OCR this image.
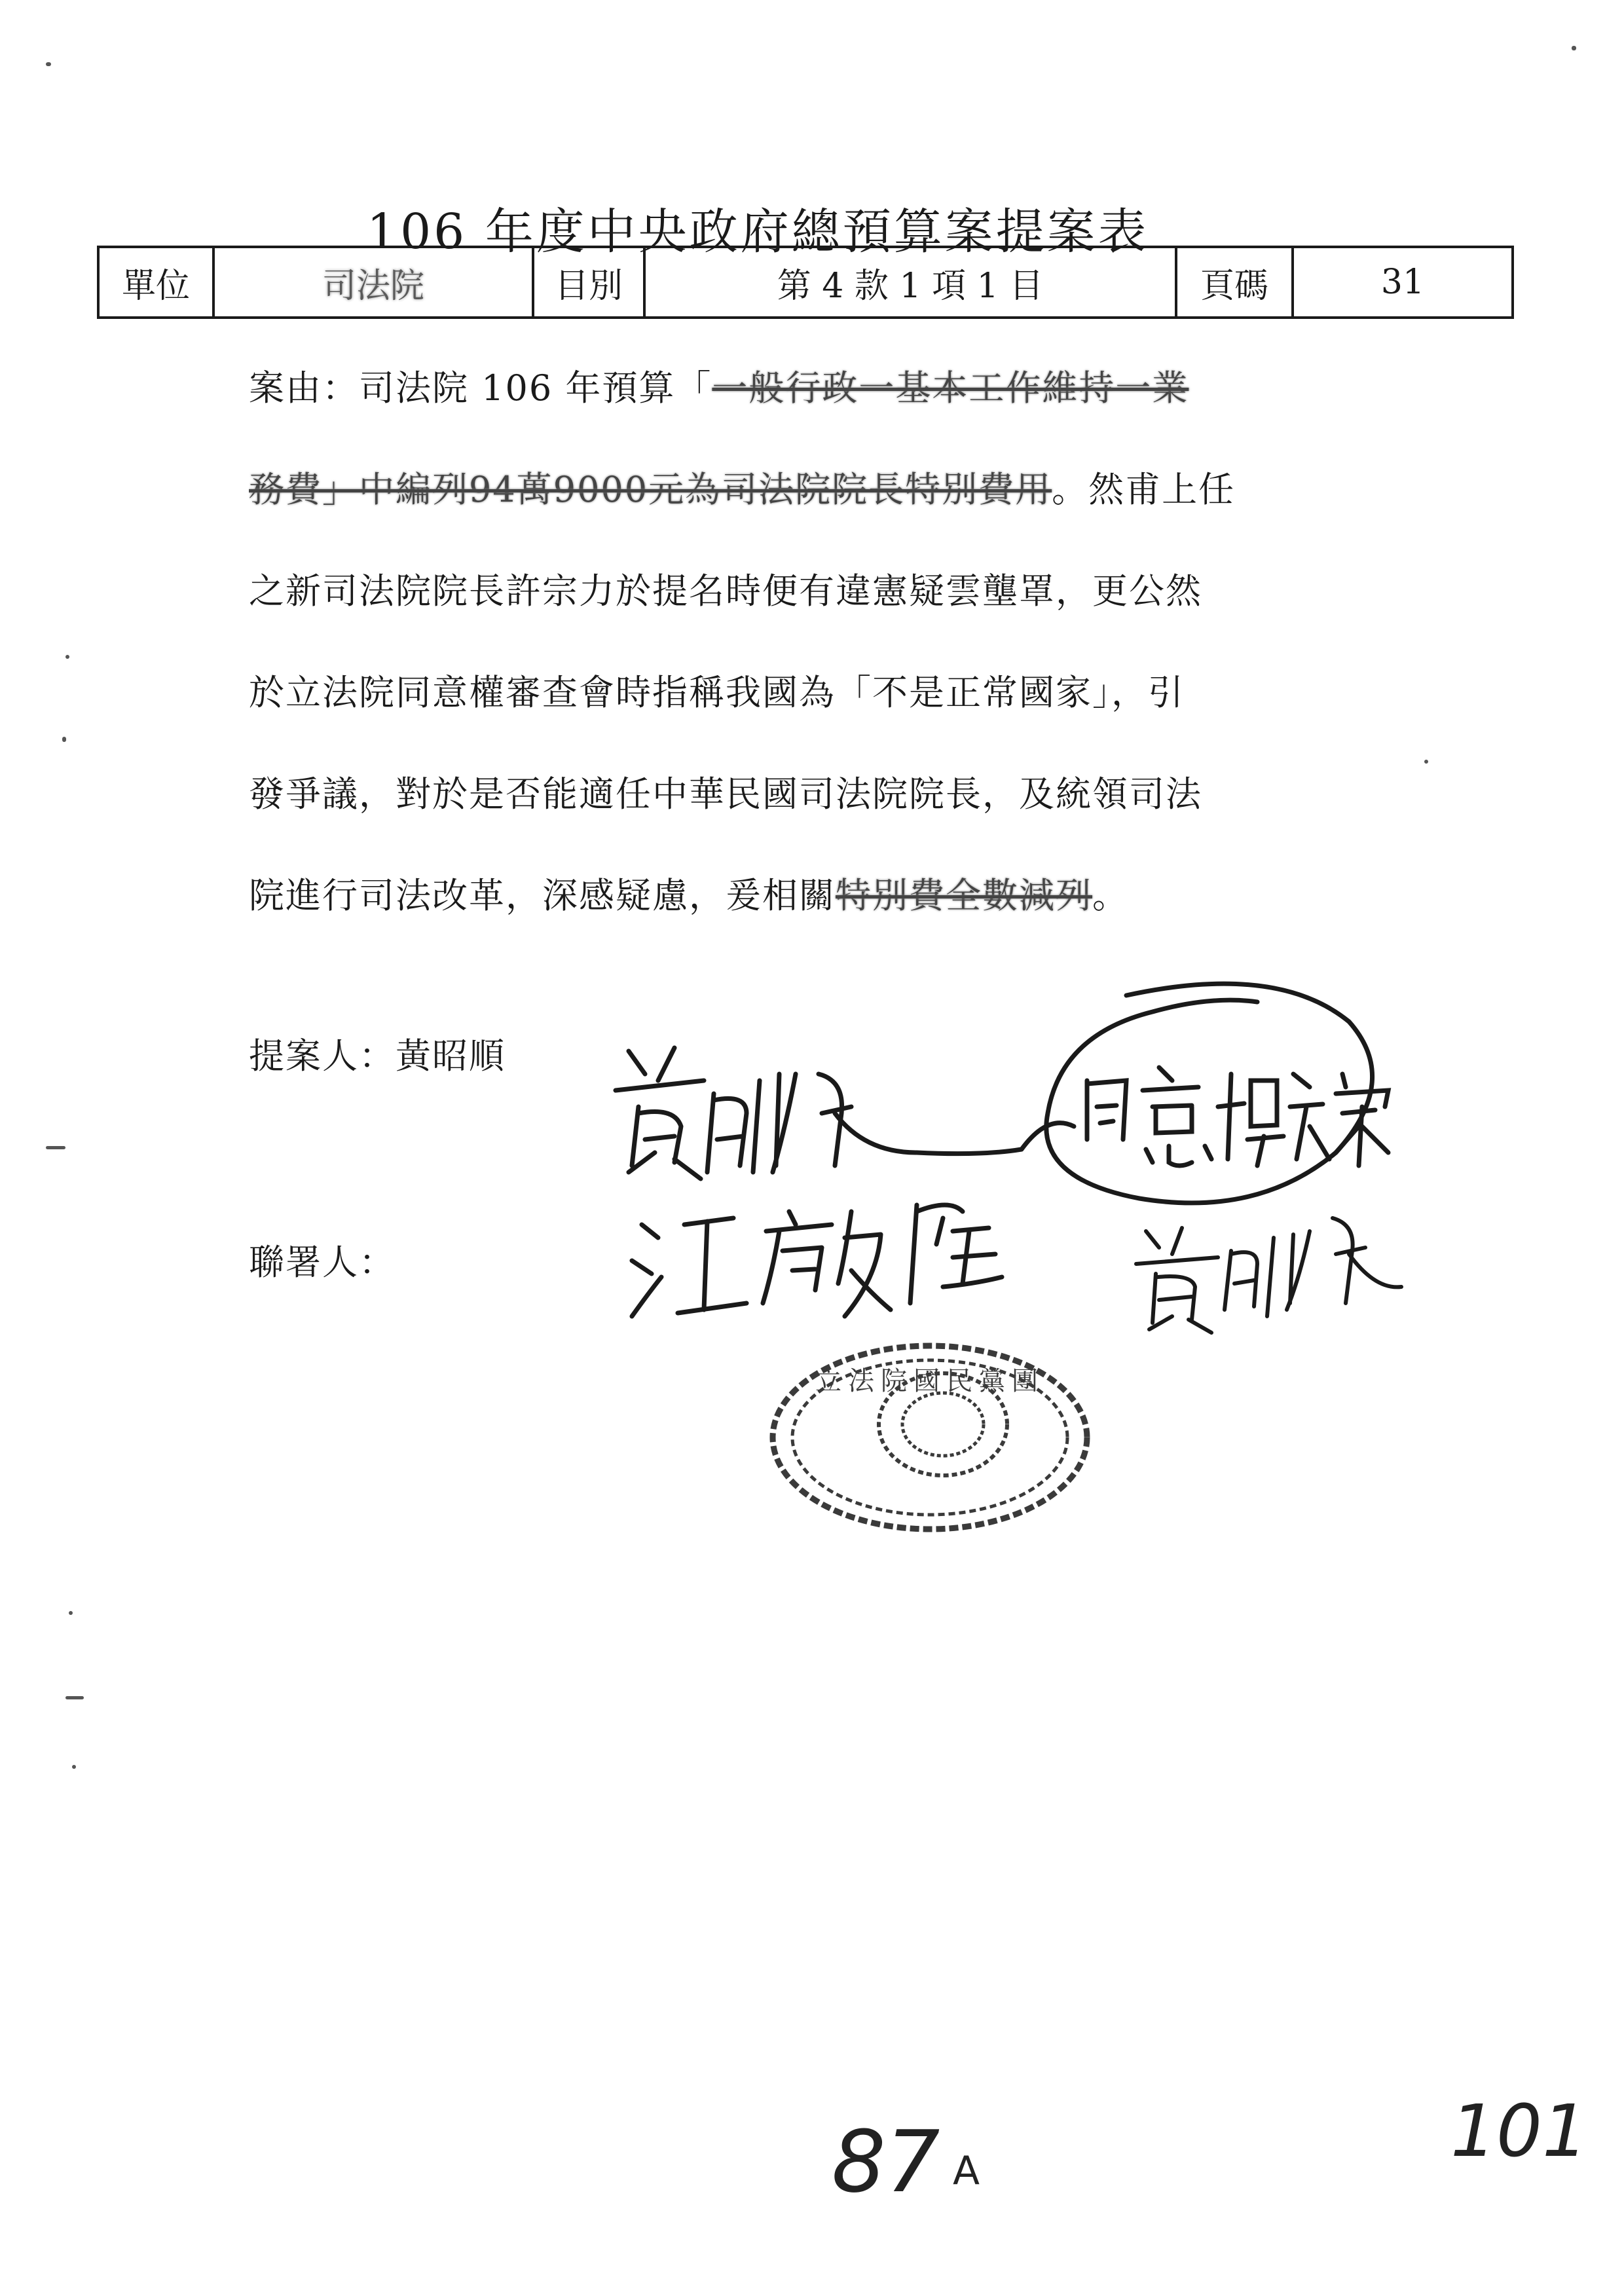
106 年度中央政府總預算案提案表
單位	司法院	目別	第 4 款 1 項 1 目	頁碼	31
案由：司法院 106 年預算「一般行政一基本工作維持一業
務費」中編列94萬9000元為司法院院長特別費用。然甫上任
之新司法院院長許宗力於提名時便有違憲疑雲壟罩，更公然
於立法院同意權審查會時指稱我國為「不是正常國家」，引
發爭議，對於是否能適任中華民國司法院院長，及統領司法
院進行司法改革，深感疑慮，爰相關特別費全數減列。
提案人：黃昭順
聯署人：
立法院國民黨團
87 A	101
